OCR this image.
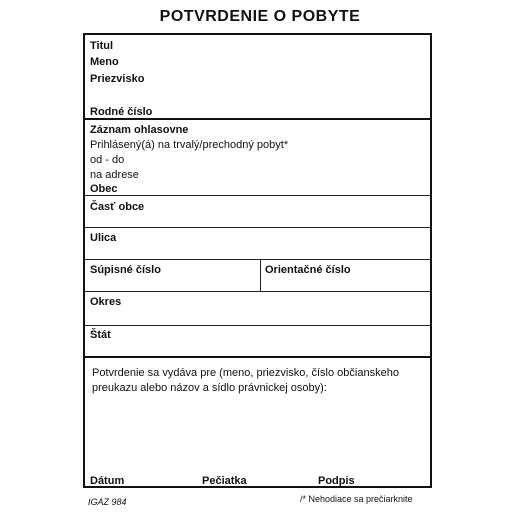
POTVRDENIE O POBYTE
Titul
Meno
Priezvisko
Rodné číslo
Záznam ohlasovne
Prihlásený(á) na trvalý/prechodný pobyt*
od - do
na adrese
Obec
Časť obce
Ulica
Súpisné číslo	Orientačné číslo
Okres
Štát
Potvrdenie sa vydáva pre (meno, priezvisko, číslo občianskeho preukazu alebo názov a sídlo právnickej osoby):
Dátum	Pečiatka	Podpis
IGAZ 984	/* Nehodiace sa prečiarknite
